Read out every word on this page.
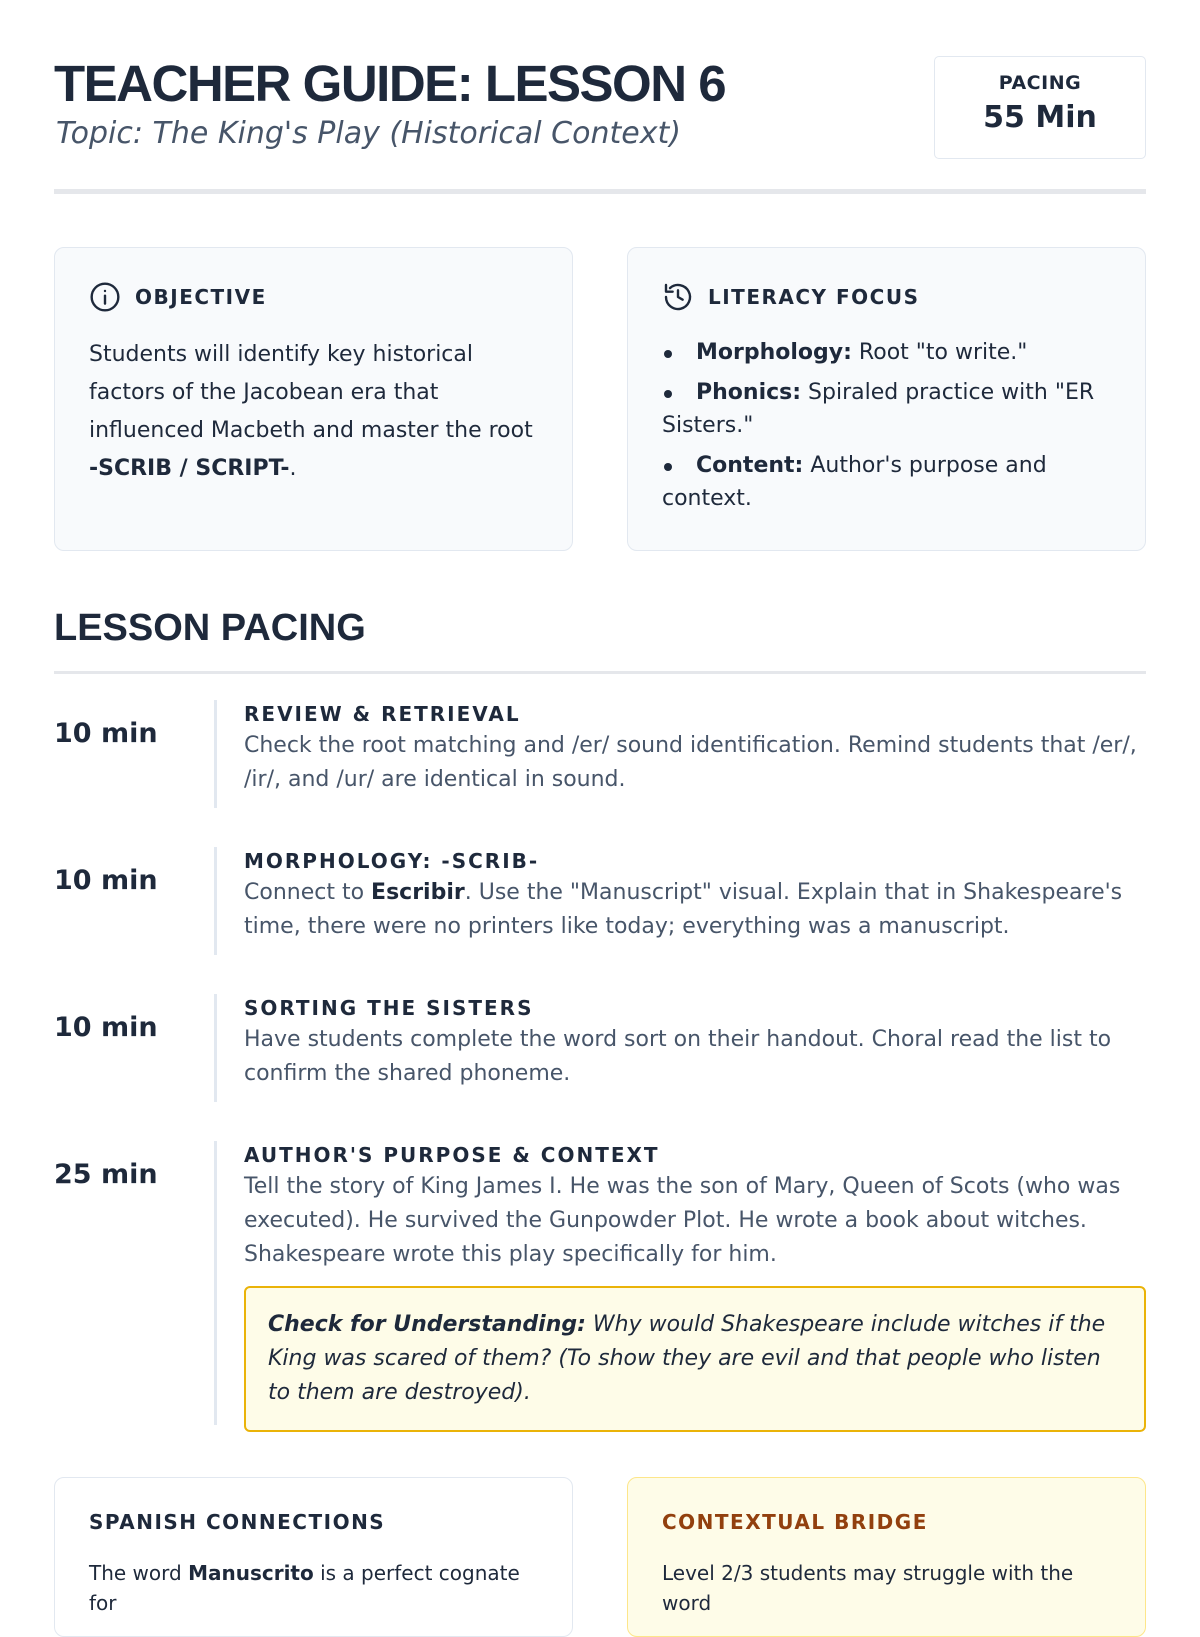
TEACHER GUIDE: LESSON 6
Topic: The King's Play (Historical Context)
PACING
55 Min
OBJECTIVE

Students will identify key historical factors of the Jacobean era that influenced Macbeth and master the root -SCRIB / SCRIPT-.

LITERACY FOCUS
Morphology: Root "to write."
Phonics: Spiraled practice with "ER Sisters."
Content: Author's purpose and context.
LESSON PACING
10 min
REVIEW & RETRIEVAL
Check the root matching and /er/ sound identification. Remind students that /er/, /ir/, and /ur/ are identical in sound.
10 min
MORPHOLOGY: -SCRIB-
Connect to Escribir. Use the "Manuscript" visual. Explain that in Shakespeare's time, there were no printers like today; everything was a manuscript.
10 min
SORTING THE SISTERS
Have students complete the word sort on their handout. Choral read the list to confirm the shared phoneme.
25 min
AUTHOR'S PURPOSE & CONTEXT
Tell the story of King James I. He was the son of Mary, Queen of Scots (who was executed). He survived the Gunpowder Plot. He wrote a book about witches. Shakespeare wrote this play specifically for him.
Check for Understanding: Why would Shakespeare include witches if the King was scared of them? (To show they are evil and that people who listen to them are destroyed).
SPANISH CONNECTIONS

The word Manuscrito is a perfect cognate for

CONTEXTUAL BRIDGE

Level 2/3 students may struggle with the word
